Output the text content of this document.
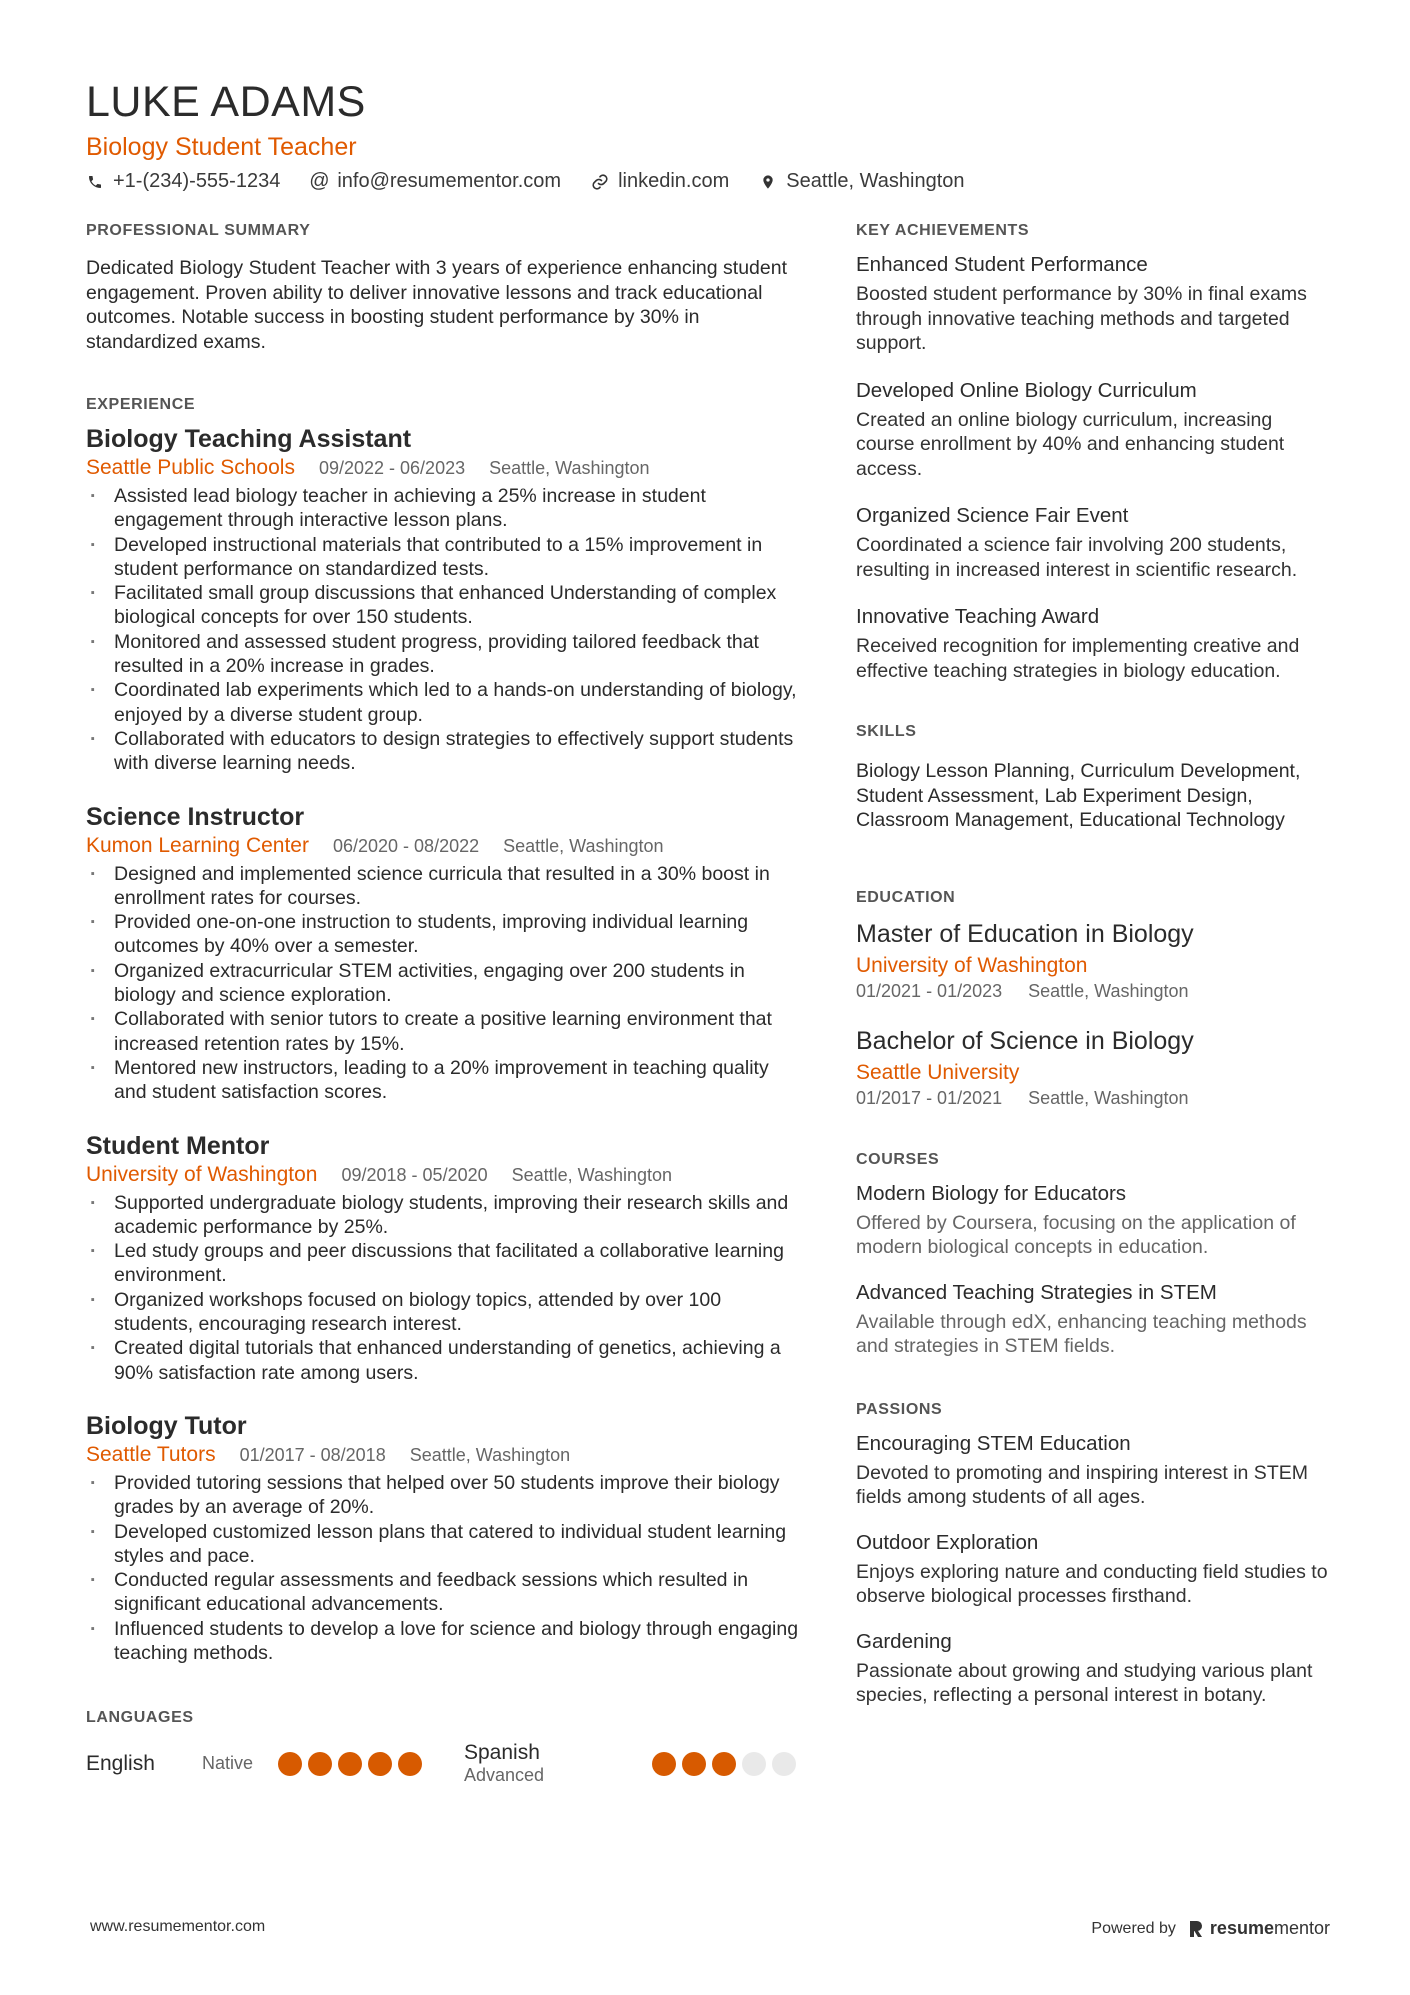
LUKE ADAMS
Biology Student Teacher
+1-(234)-555-1234 @ info@resumementor.com	linkedin.com	Seattle, Washington
PROFESSIONAL SUMMARY

Dedicated Biology Student Teacher with 3 years of experience enhancing student engagement. Proven ability to deliver innovative lessons and track educational outcomes. Notable success in boosting student performance by 30% in standardized exams.

EXPERIENCE
Biology Teaching Assistant
Seattle Public Schools 09/2022 - 06/2023 Seattle, Washington
· Assisted lead biology teacher in achieving a 25% increase in student engagement through interactive lesson plans.
· Developed instructional materials that contributed to a 15% improvement in student performance on standardized tests.
· Facilitated small group discussions that enhanced Understanding of complex biological concepts for over 150 students.
· Monitored and assessed student progress, providing tailored feedback that resulted in a 20% increase in grades.
· Coordinated lab experiments which led to a hands-on understanding of biology, enjoyed by a diverse student group.
· Collaborated with educators to design strategies to effectively support students with diverse learning needs.
Science Instructor
Kumon Learning Center 06/2020 - 08/2022 Seattle, Washington
· Designed and implemented science curricula that resulted in a 30% boost in enrollment rates for courses.
· Provided one-on-one instruction to students, improving individual learning outcomes by 40% over a semester.
· Organized extracurricular STEM activities, engaging over 200 students in biology and science exploration.
· Collaborated with senior tutors to create a positive learning environment that increased retention rates by 15%.
· Mentored new instructors, leading to a 20% improvement in teaching quality and student satisfaction scores.
Student Mentor
University of Washington 09/2018 - 05/2020 Seattle, Washington
· Supported undergraduate biology students, improving their research skills and academic performance by 25%.
· Led study groups and peer discussions that facilitated a collaborative learning environment.
· Organized workshops focused on biology topics, attended by over 100 students, encouraging research interest.
· Created digital tutorials that enhanced understanding of genetics, achieving a 90% satisfaction rate among users.
Biology Tutor
Seattle Tutors 01/2017 - 08/2018 Seattle, Washington
· Provided tutoring sessions that helped over 50 students improve their biology grades by an average of 20%.
· Developed customized lesson plans that catered to individual student learning styles and pace.
· Conducted regular assessments and feedback sessions which resulted in significant educational advancements.
· Influenced students to develop a love for science and biology through engaging teaching methods.
LANGUAGES
English	Native	Spanish
Advanced
KEY ACHIEVEMENTS
Enhanced Student Performance

Boosted student performance by 30% in final exams through innovative teaching methods and targeted support.

Developed Online Biology Curriculum

Created an online biology curriculum, increasing course enrollment by 40% and enhancing student access.

Organized Science Fair Event

Coordinated a science fair involving 200 students, resulting in increased interest in scientific research.

Innovative Teaching Award

Received recognition for implementing creative and effective teaching strategies in biology education.

SKILLS

Biology Lesson Planning, Curriculum Development, Student Assessment, Lab Experiment Design, Classroom Management, Educational Technology

EDUCATION
Master of Education in Biology
University of Washington
01/2021 - 01/2023 Seattle, Washington
Bachelor of Science in Biology
Seattle University
01/2017 - 01/2021 Seattle, Washington
COURSES
Modern Biology for Educators

Offered by Coursera, focusing on the application of modern biological concepts in education.

Advanced Teaching Strategies in STEM

Available through edX, enhancing teaching methods and strategies in STEM fields.

PASSIONS
Encouraging STEM Education

Devoted to promoting and inspiring interest in STEM fields among students of all ages.

Outdoor Exploration

Enjoys exploring nature and conducting field studies to observe biological processes firsthand.

Gardening

Passionate about growing and studying various plant species, reflecting a personal interest in botany.

www.resumementor.com	Powered by resumementor
